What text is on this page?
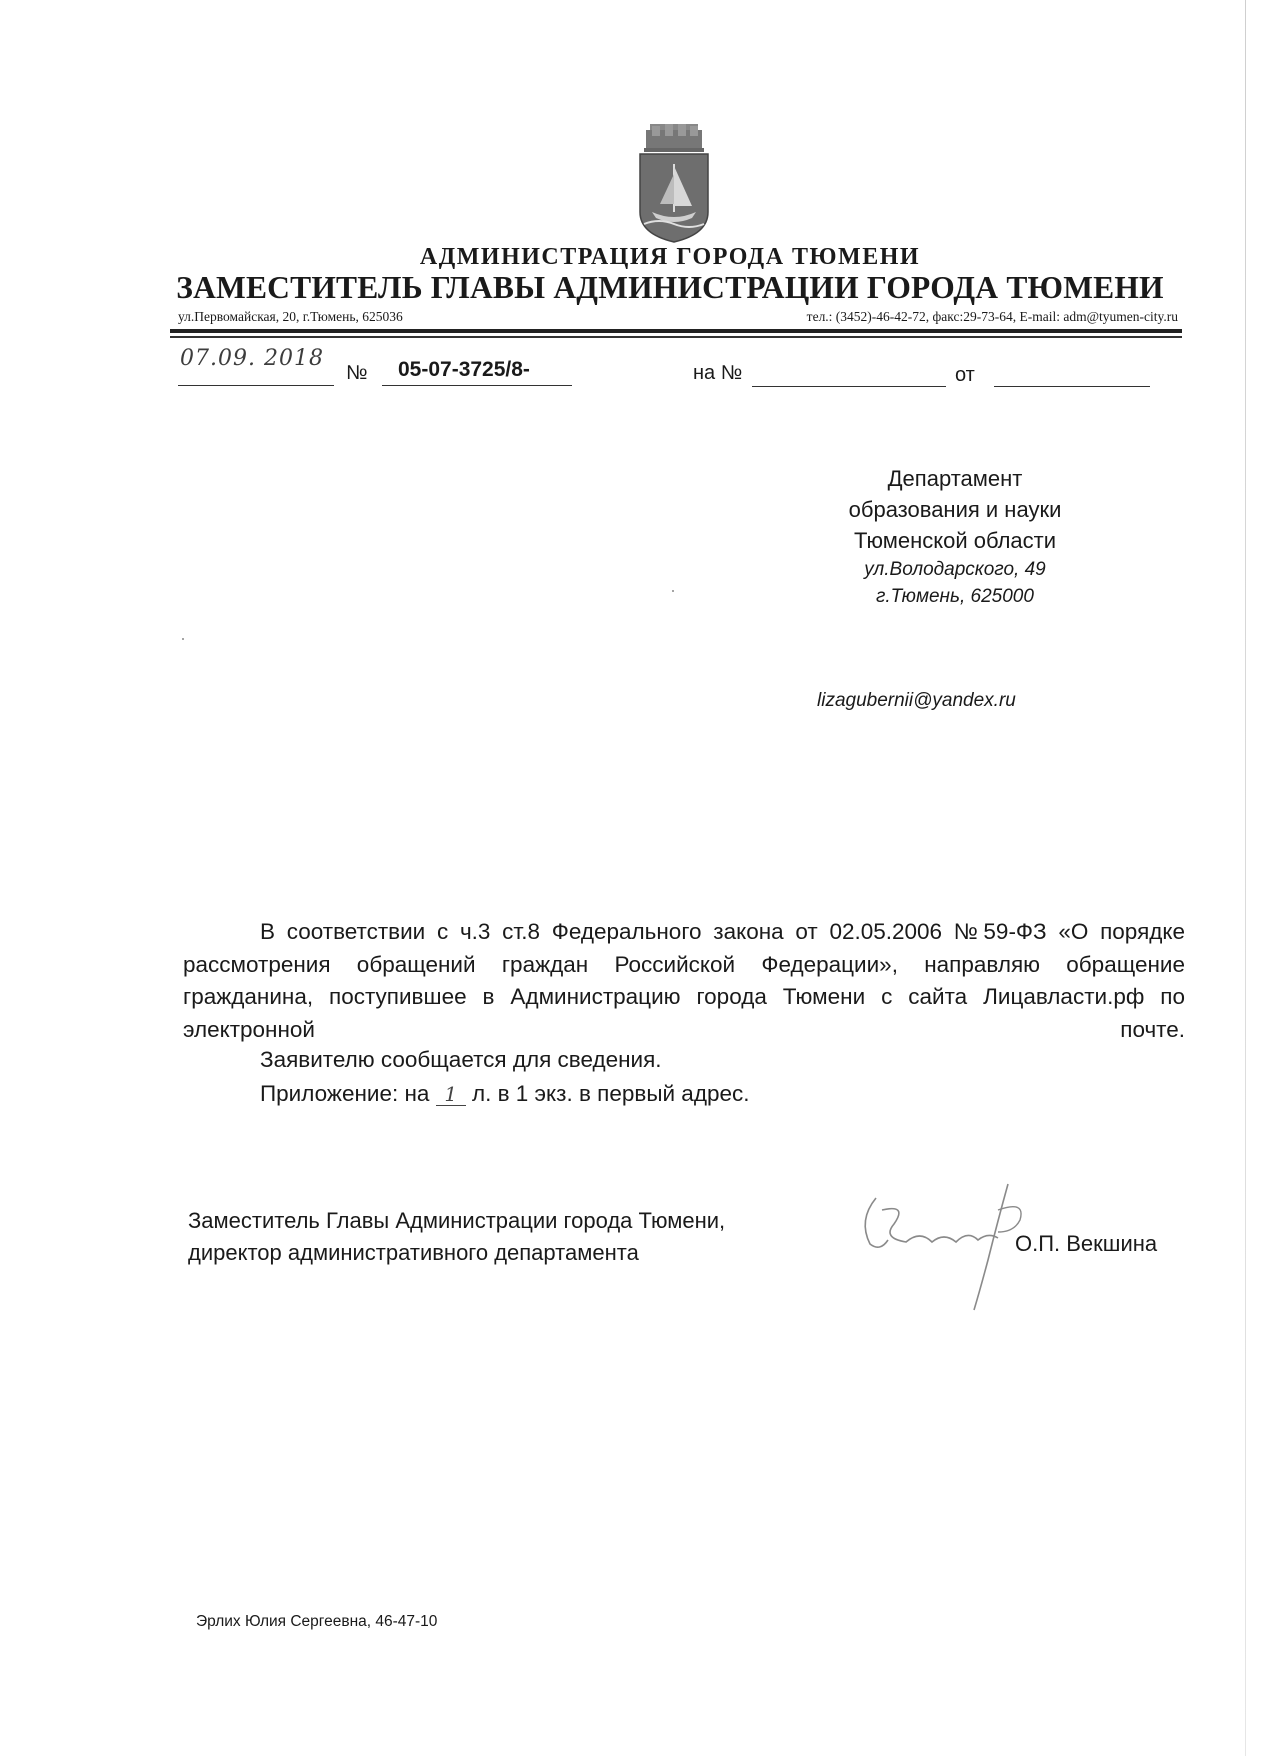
АДМИНИСТРАЦИЯ ГОРОДА ТЮМЕНИ
ЗАМЕСТИТЕЛЬ ГЛАВЫ АДМИНИСТРАЦИИ ГОРОДА ТЮМЕНИ
ул.Первомайская, 20, г.Тюмень, 625036	тел.: (3452)-46-42-72, факс:29-73-64, E-mail: adm@tyumen-city.ru
07.09. 2018
№	05-07-3725/8-	на №	от
Департамент
образования и науки
Тюменской области
ул.Володарского, 49
г.Тюмень, 625000
lizagubernii@yandex.ru

В соответствии с ч.3 ст.8 Федерального закона от 02.05.2006 №59-ФЗ «О порядке рассмотрения обращений граждан Российской Федерации», направляю обращение гражданина, поступившее в Администрацию города Тюмени с сайта Лицавласти.рф по электронной почте.

Заявителю сообщается для сведения.
Приложение: на 1 л. в 1 экз. в первый адрес.
Заместитель Главы Администрации города Тюмени,
директор административного департамента	О.П. Векшина
Эрлих Юлия Сергеевна, 46-47-10
